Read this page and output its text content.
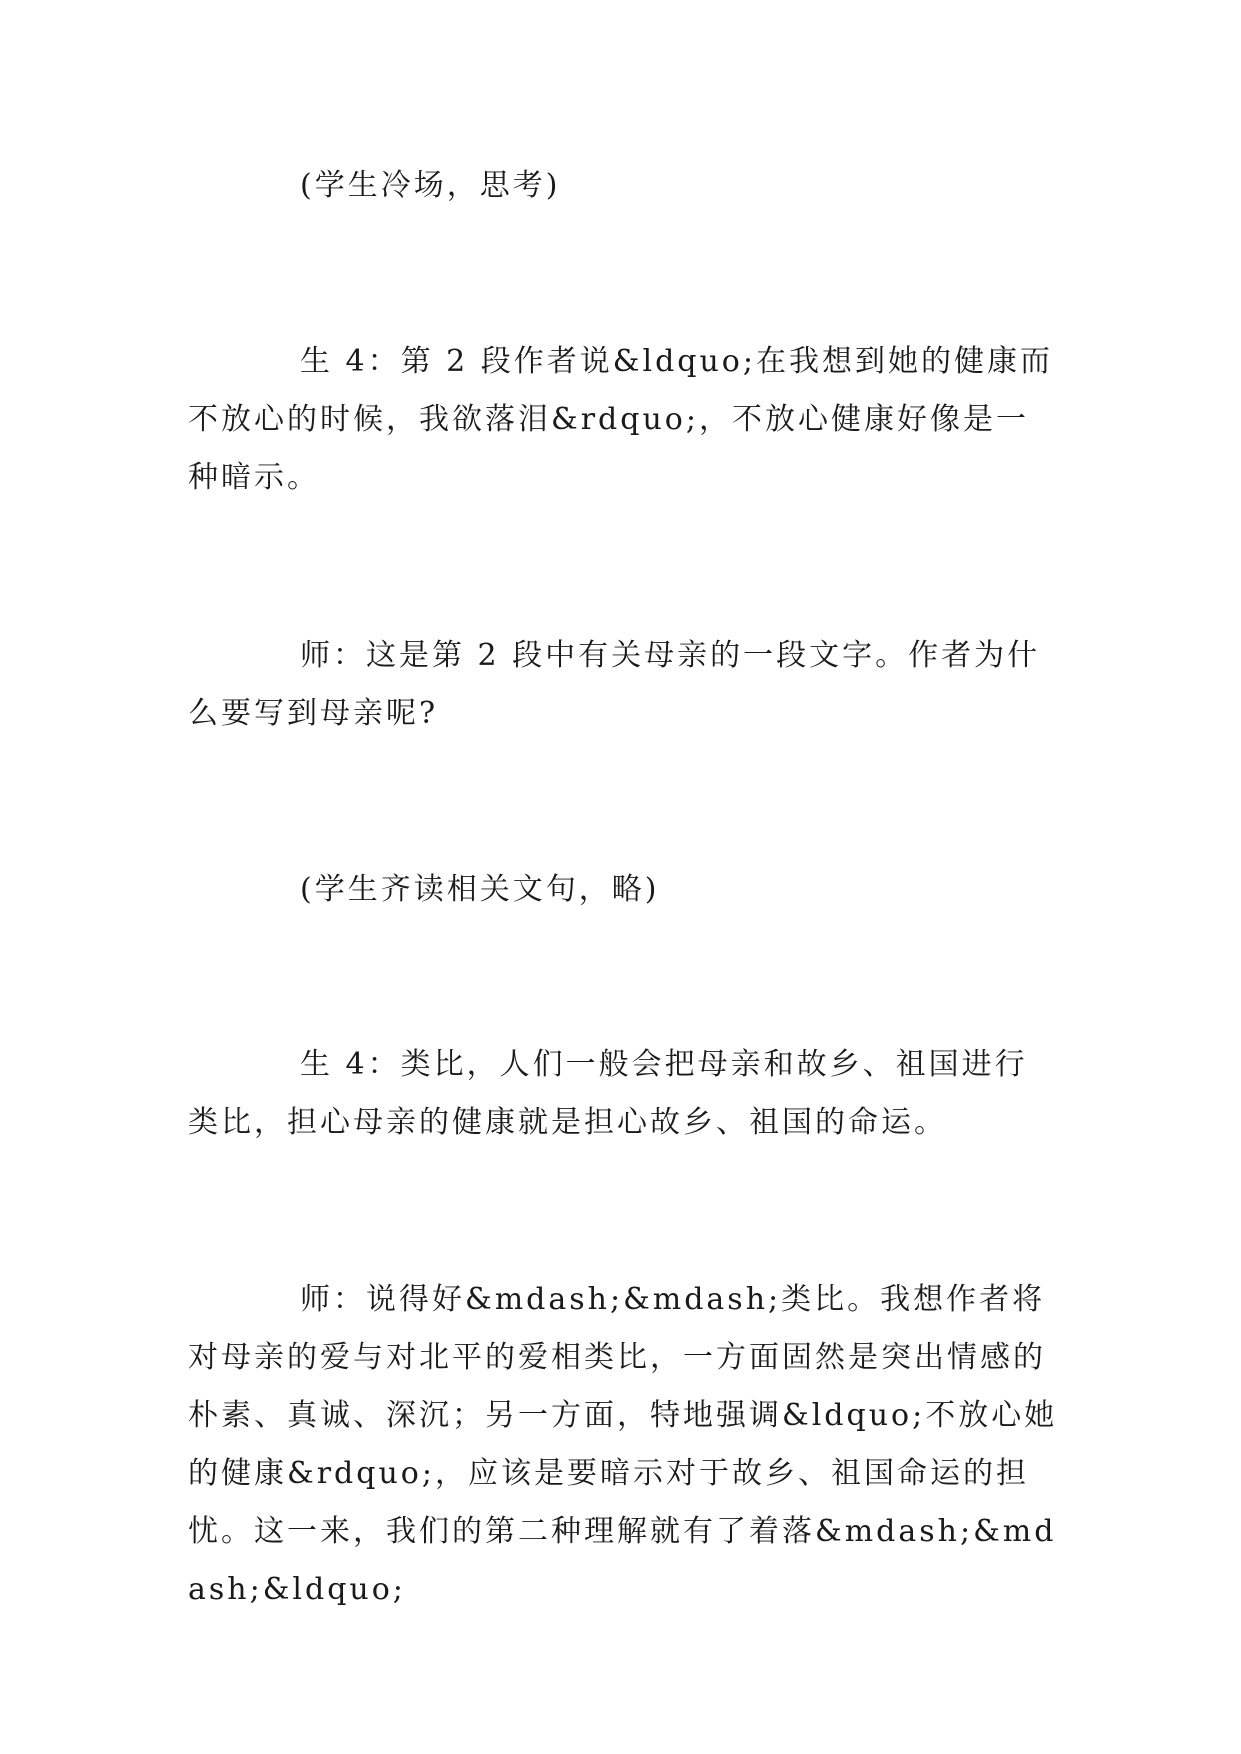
(学生冷场，思考)

生 4：第 2 段作者说&ldquo;在我想到她的健康而不放心的时候，我欲落泪&rdquo;，不放心健康好像是一种暗示。

师：这是第 2 段中有关母亲的一段文字。作者为什么要写到母亲呢?

(学生齐读相关文句，略)

生 4：类比，人们一般会把母亲和故乡、祖国进行类比，担心母亲的健康就是担心故乡、祖国的命运。

师：说得好&mdash;&mdash;类比。我想作者将对母亲的爱与对北平的爱相类比，一方面固然是突出情感的朴素、真诚、深沉；另一方面，特地强调&ldquo;不放心她的健康&rdquo;，应该是要暗示对于故乡、祖国命运的担忧。这一来，我们的第二种理解就有了着落&mdash;&mdash;&ldquo;
